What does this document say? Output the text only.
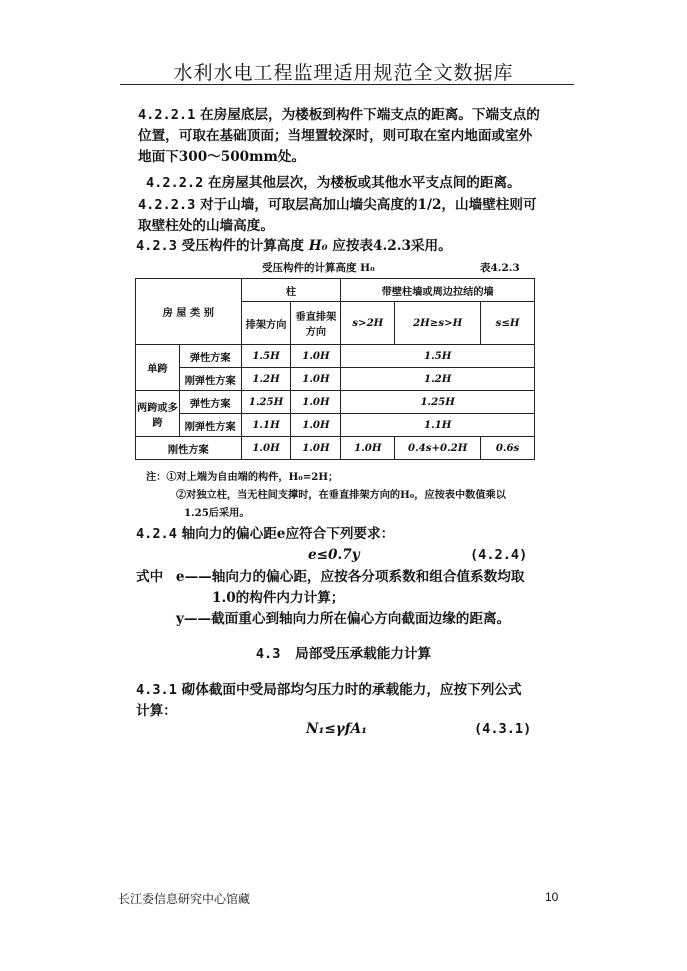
水利水电工程监理适用规范全文数据库
4.2.2.1 在房屋底层，为楼板到构件下端支点的距离。下端支点的位置，可取在基础顶面；当埋置较深时，则可取在室内地面或室外地面下300～500mm处。
4.2.2.2 在房屋其他层次，为楼板或其他水平支点间的距离。
4.2.2.3 对于山墙，可取层高加山墙尖高度的1/2，山墙壁柱则可取壁柱处的山墙高度。
4.2.3 受压构件的计算高度 H₀ 应按表4.2.3采用。
受压构件的计算高度 H₀	表4.2.3
房 屋 类 别		柱		带壁柱墙或周边拉结的墙		
		排架方向	垂直排架方向	s>2H	2H≥s>H	s≤H
单跨	弹性方案	1.5H	1.0H	1.5H		
	刚弹性方案	1.2H	1.0H	1.2H		
两跨或多跨	弹性方案	1.25H	1.0H	1.25H		
	刚弹性方案	1.1H	1.0H	1.1H		
刚性方案		1.0H	1.0H	1.0H	0.4s+0.2H	0.6s
注：①对上端为自由端的构件，H₀=2H；
②对独立柱，当无柱间支撑时，在垂直排架方向的H₀，应按表中数值乘以
1.25后采用。
4.2.4 轴向力的偏心距e应符合下列要求：
e≤0.7y	(4.2.4)
式中 e——轴向力的偏心距，应按各分项系数和组合值系数均取
1.0的构件内力计算；
y——截面重心到轴向力所在偏心方向截面边缘的距离。
4.3 局部受压承载能力计算
4.3.1 砌体截面中受局部均匀压力时的承载能力，应按下列公式
计算：
N₁≤γfA₁	(4.3.1)
长江委信息研究中心馆藏	10
